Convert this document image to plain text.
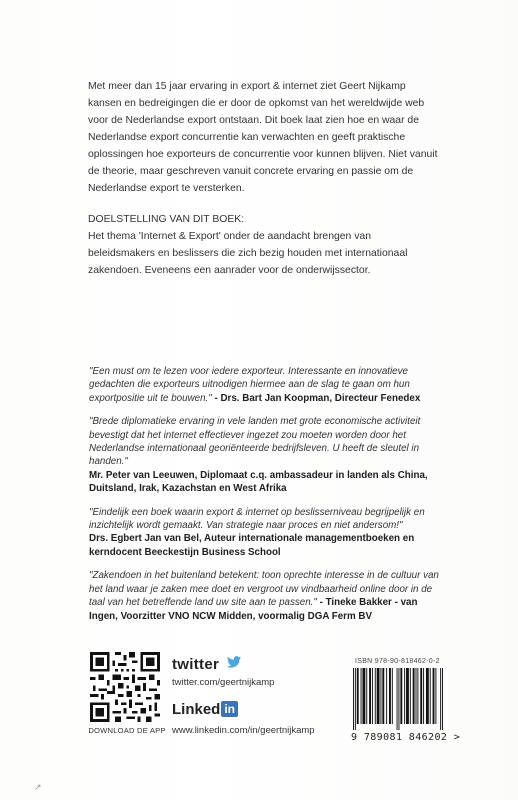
Met meer dan 15 jaar ervaring in export & internet ziet Geert Nijkamp kansen en bedreigingen die er door de opkomst van het wereldwijde web voor de Nederlandse export ontstaan. Dit boek laat zien hoe en waar de Nederlandse export concurrentie kan verwachten en geeft praktische oplossingen hoe exporteurs de concurrentie voor kunnen blijven. Niet vanuit de theorie, maar geschreven vanuit concrete ervaring en passie om de Nederlandse export te versterken.

DOELSTELLING VAN DIT BOEK:

Het thema 'Internet & Export' onder de aandacht brengen van beleidsmakers en beslissers die zich bezig houden met internationaal zakendoen. Eveneens een aanrader voor de onderwijssector.

"Een must om te lezen voor iedere exporteur. Interessante en innovatieve gedachten die exporteurs uitnodigen hiermee aan de slag te gaan om hun exportpositie uit te bouwen." - Drs. Bart Jan Koopman, Directeur Fenedex
"Brede diplomatieke ervaring in vele landen met grote economische activiteit bevestigt dat het internet effectiever ingezet zou moeten worden door het Nederlandse internationaal georiënteerde bedrijfsleven. U heeft de sleutel in handen."
Mr. Peter van Leeuwen, Diplomaat c.q. ambassadeur in landen als China, Duitsland, Irak, Kazachstan en West Afrika
"Eindelijk een boek waarin export & internet op beslisserniveau begrijpelijk en inzichtelijk wordt gemaakt. Van strategie naar proces en niet andersom!"
Drs. Egbert Jan van Bel, Auteur internationale managementboeken en kerndocent Beeckestijn Business School
"Zakendoen in het buitenland betekent: toon oprechte interesse in de cultuur van het land waar je zaken mee doet en vergroot uw vindbaarheid online door in de taal van het betreffende land uw site aan te passen." - Tineke Bakker - van Ingen, Voorzitter VNO NCW Midden, voormalig DGA Ferm BV
DOWNLOAD DE APP
twitter
twitter.com/geertnijkamp
Linked in
www.linkedin.com/in/geertnijkamp
ISBN 978-90-818462-0-2
9 789081 846202 >
↗
